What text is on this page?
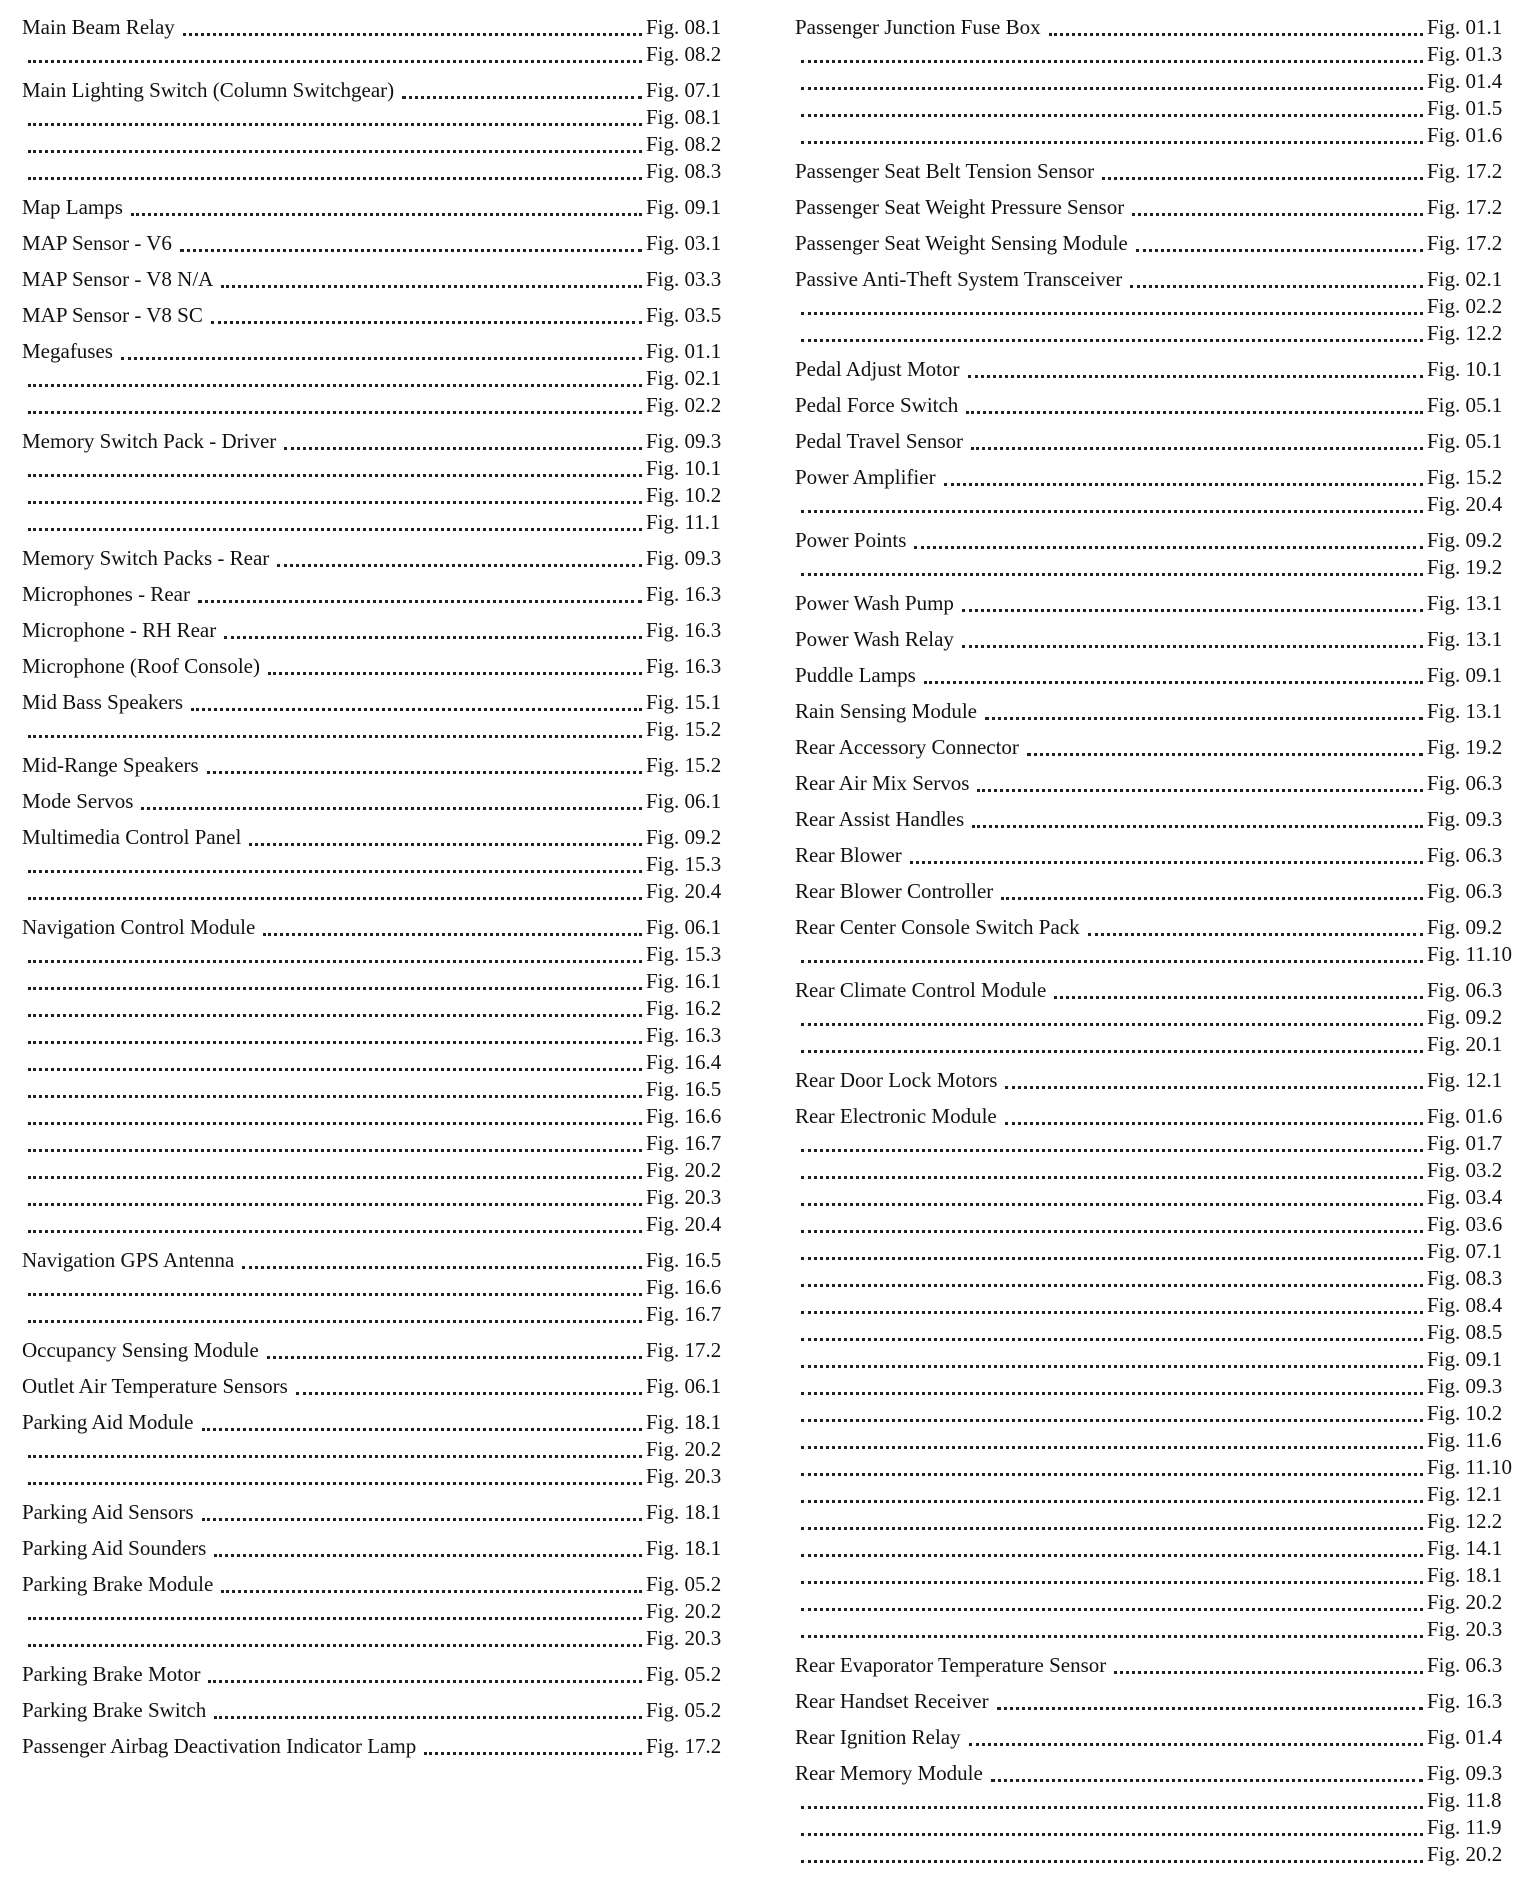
Main Beam Relay	Fig. 08.1
Fig. 08.2
Main Lighting Switch (Column Switchgear)	Fig. 07.1
Fig. 08.1
Fig. 08.2
Fig. 08.3
Map Lamps	Fig. 09.1
MAP Sensor - V6	Fig. 03.1
MAP Sensor - V8 N/A	Fig. 03.3
MAP Sensor - V8 SC	Fig. 03.5
Megafuses	Fig. 01.1
Fig. 02.1
Fig. 02.2
Memory Switch Pack - Driver	Fig. 09.3
Fig. 10.1
Fig. 10.2
Fig. 11.1
Memory Switch Packs - Rear	Fig. 09.3
Microphones - Rear	Fig. 16.3
Microphone - RH Rear	Fig. 16.3
Microphone (Roof Console)	Fig. 16.3
Mid Bass Speakers	Fig. 15.1
Fig. 15.2
Mid-Range Speakers	Fig. 15.2
Mode Servos	Fig. 06.1
Multimedia Control Panel	Fig. 09.2
Fig. 15.3
Fig. 20.4
Navigation Control Module	Fig. 06.1
Fig. 15.3
Fig. 16.1
Fig. 16.2
Fig. 16.3
Fig. 16.4
Fig. 16.5
Fig. 16.6
Fig. 16.7
Fig. 20.2
Fig. 20.3
Fig. 20.4
Navigation GPS Antenna	Fig. 16.5
Fig. 16.6
Fig. 16.7
Occupancy Sensing Module	Fig. 17.2
Outlet Air Temperature Sensors	Fig. 06.1
Parking Aid Module	Fig. 18.1
Fig. 20.2
Fig. 20.3
Parking Aid Sensors	Fig. 18.1
Parking Aid Sounders	Fig. 18.1
Parking Brake Module	Fig. 05.2
Fig. 20.2
Fig. 20.3
Parking Brake Motor	Fig. 05.2
Parking Brake Switch	Fig. 05.2
Passenger Airbag Deactivation Indicator Lamp	Fig. 17.2
Passenger Junction Fuse Box	Fig. 01.1
Fig. 01.3
Fig. 01.4
Fig. 01.5
Fig. 01.6
Passenger Seat Belt Tension Sensor	Fig. 17.2
Passenger Seat Weight Pressure Sensor	Fig. 17.2
Passenger Seat Weight Sensing Module	Fig. 17.2
Passive Anti-Theft System Transceiver	Fig. 02.1
Fig. 02.2
Fig. 12.2
Pedal Adjust Motor	Fig. 10.1
Pedal Force Switch	Fig. 05.1
Pedal Travel Sensor	Fig. 05.1
Power Amplifier	Fig. 15.2
Fig. 20.4
Power Points	Fig. 09.2
Fig. 19.2
Power Wash Pump	Fig. 13.1
Power Wash Relay	Fig. 13.1
Puddle Lamps	Fig. 09.1
Rain Sensing Module	Fig. 13.1
Rear Accessory Connector	Fig. 19.2
Rear Air Mix Servos	Fig. 06.3
Rear Assist Handles	Fig. 09.3
Rear Blower	Fig. 06.3
Rear Blower Controller	Fig. 06.3
Rear Center Console Switch Pack	Fig. 09.2
Fig. 11.10
Rear Climate Control Module	Fig. 06.3
Fig. 09.2
Fig. 20.1
Rear Door Lock Motors	Fig. 12.1
Rear Electronic Module	Fig. 01.6
Fig. 01.7
Fig. 03.2
Fig. 03.4
Fig. 03.6
Fig. 07.1
Fig. 08.3
Fig. 08.4
Fig. 08.5
Fig. 09.1
Fig. 09.3
Fig. 10.2
Fig. 11.6
Fig. 11.10
Fig. 12.1
Fig. 12.2
Fig. 14.1
Fig. 18.1
Fig. 20.2
Fig. 20.3
Rear Evaporator Temperature Sensor	Fig. 06.3
Rear Handset Receiver	Fig. 16.3
Rear Ignition Relay	Fig. 01.4
Rear Memory Module	Fig. 09.3
Fig. 11.8
Fig. 11.9
Fig. 20.2
